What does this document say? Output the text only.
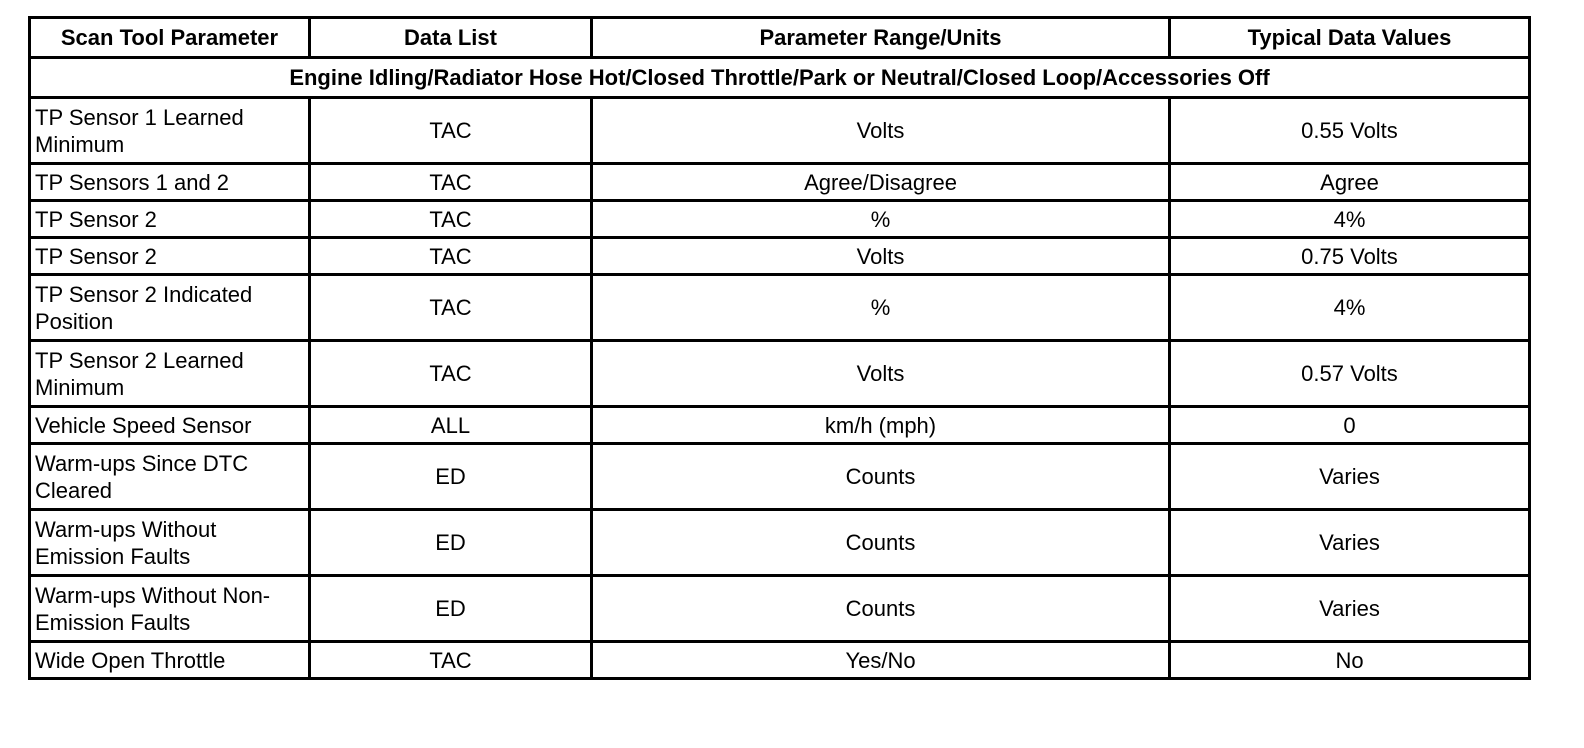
Scan Tool Parameter	Data List	Parameter Range/Units	Typical Data Values
Engine Idling/Radiator Hose Hot/Closed Throttle/Park or Neutral/Closed Loop/Accessories Off			

TP Sensor 1 Learned
Minimum	TAC	Volts	0.55 Volts

TP Sensors 1 and 2	TAC	Agree/Disagree	Agree

TP Sensor 2	TAC	%	4%

TP Sensor 2	TAC	Volts	0.75 Volts

TP Sensor 2 Indicated
Position	TAC	%	4%

TP Sensor 2 Learned
Minimum	TAC	Volts	0.57 Volts

Vehicle Speed Sensor	ALL	km/h (mph)	0

Warm-ups Since DTC
Cleared	ED	Counts	Varies

Warm-ups Without
Emission Faults	ED	Counts	Varies

Warm-ups Without Non-
Emission Faults	ED	Counts	Varies

Wide Open Throttle	TAC	Yes/No	No
